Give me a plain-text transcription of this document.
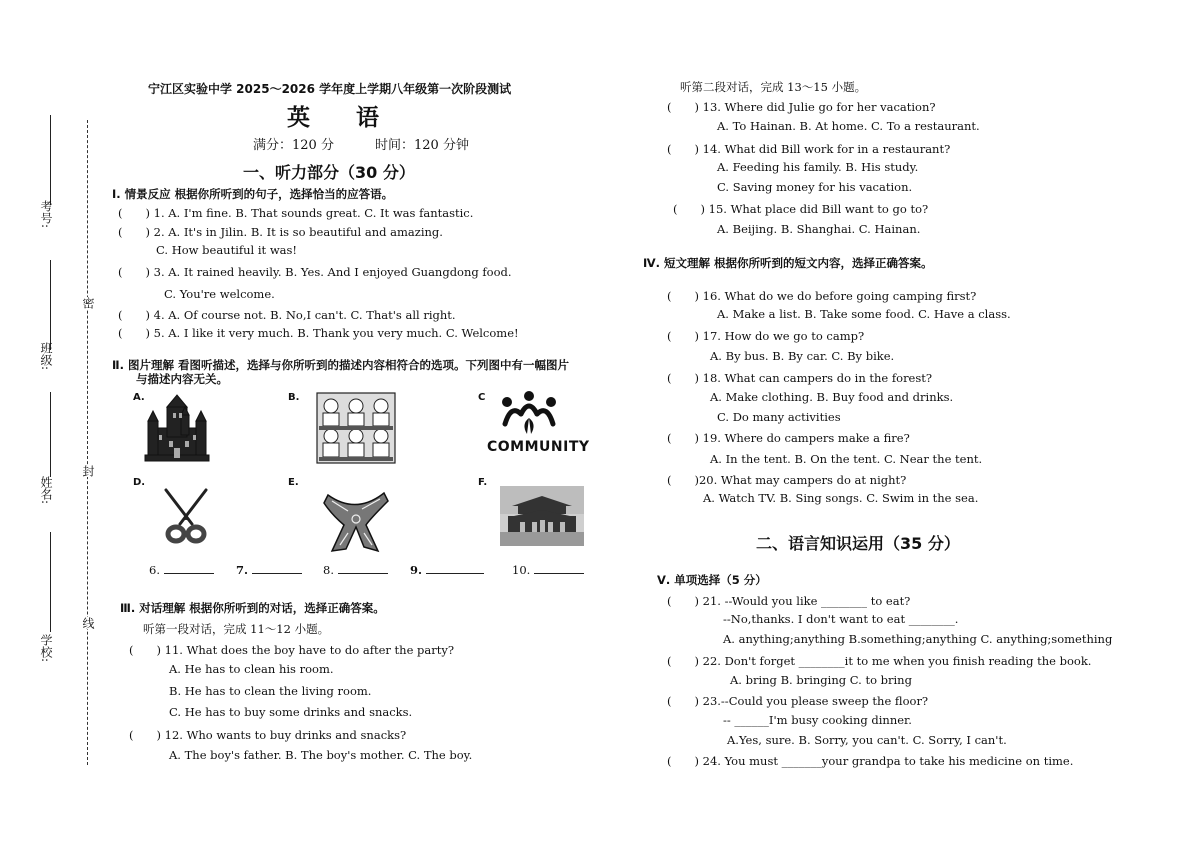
考号:
班级:
姓名:
学校:
密
封
线
宁江区实验中学 2025～2026 学年度上学期八年级第一次阶段测试
英　　语
满分：120 分	时间：120 分钟
一、听力部分（30 分）
Ⅰ. 情景反应 根据你所听到的句子，选择恰当的应答语。
(　　) 1. A. I'm fine. B. That sounds great. C. It was fantastic.
(　　) 2. A. It's in Jilin. B. It is so beautiful and amazing.
C. How beautiful it was!
(　　) 3. A. It rained heavily. B. Yes. And I enjoyed Guangdong food.
C. You're welcome.
(　　) 4. A. Of course not. B. No,I can't. C. That's all right.
(　　) 5. A. I like it very much. B. Thank you very much. C. Welcome!
Ⅱ. 图片理解 看图听描述，选择与你所听到的描述内容相符合的选项。下列图中有一幅图片
与描述内容无关。
A.	B.	C
D.	E.	F.
COMMUNITY
6.	7.	8.	9.	10.
Ⅲ. 对话理解 根据你所听到的对话，选择正确答案。
听第一段对话，完成 11～12 小题。
(　　) 11. What does the boy have to do after the party?
A. He has to clean his room.
B. He has to clean the living room.
C. He has to buy some drinks and snacks.
(　　) 12. Who wants to buy drinks and snacks?
A. The boy's father. B. The boy's mother. C. The boy.
听第二段对话，完成 13～15 小题。
(　　) 13. Where did Julie go for her vacation?
A. To Hainan. B. At home. C. To a restaurant.
(　　) 14. What did Bill work for in a restaurant?
A. Feeding his family. B. His study.
C. Saving money for his vacation.
(　　) 15. What place did Bill want to go to?
A. Beijing. B. Shanghai. C. Hainan.
Ⅳ. 短文理解 根据你所听到的短文内容，选择正确答案。
(　　) 16. What do we do before going camping first?
A. Make a list. B. Take some food. C. Have a class.
(　　) 17. How do we go to camp?
A. By bus. B. By car. C. By bike.
(　　) 18. What can campers do in the forest?
A. Make clothing. B. Buy food and drinks.
C. Do many activities
(　　) 19. Where do campers make a fire?
A. In the tent. B. On the tent. C. Near the tent.
(　　)20. What may campers do at night?
A. Watch TV. B. Sing songs. C. Swim in the sea.
二、语言知识运用（35 分）
Ⅴ. 单项选择（5 分）
(　　) 21. --Would you like ________ to eat?
--No,thanks. I don't want to eat ________.
A. anything;anything B.something;anything C. anything;something
(　　) 22. Don't forget ________it to me when you finish reading the book.
A. bring B. bringing C. to bring
(　　) 23.--Could you please sweep the floor?
-- ______I'm busy cooking dinner.
A.Yes, sure. B. Sorry, you can't. C. Sorry, I can't.
(　　) 24. You must _______your grandpa to take his medicine on time.
